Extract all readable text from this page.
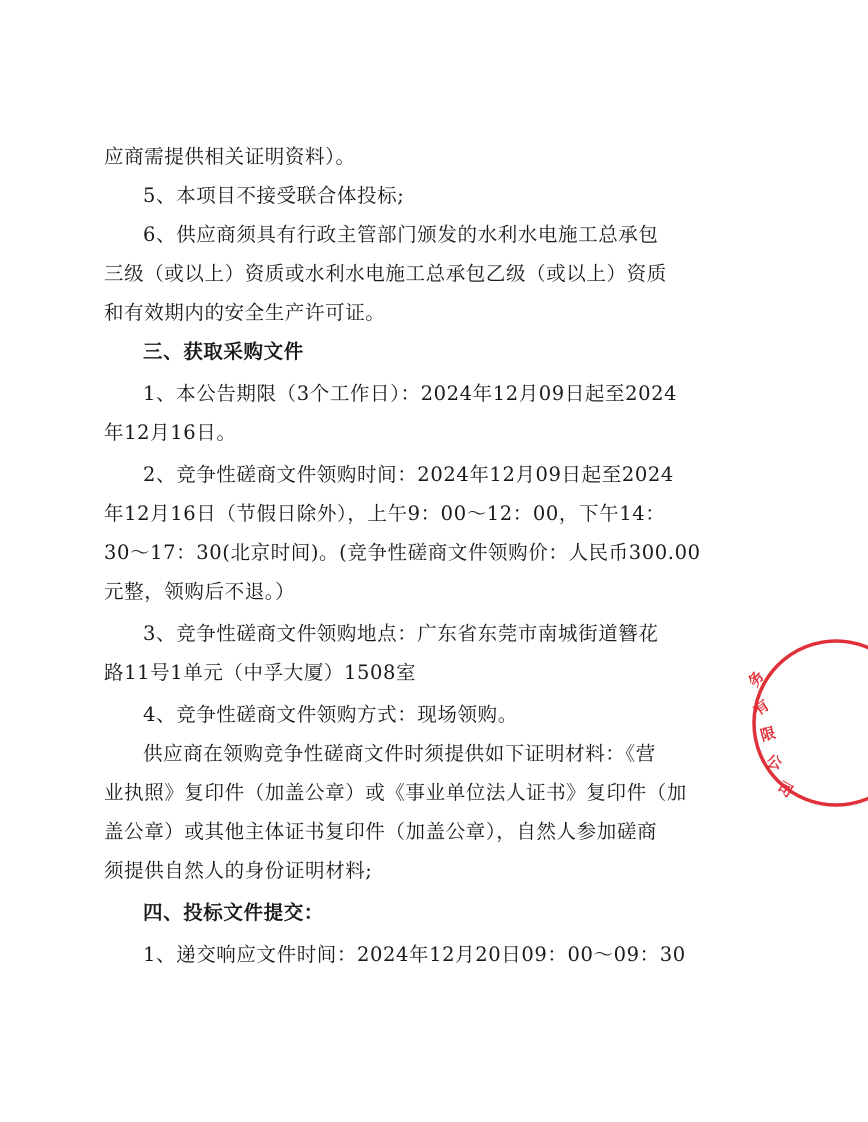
应商需提供相关证明资料）。
5、本项目不接受联合体投标;
6、供应商须具有行政主管部门颁发的水利水电施工总承包
三级（或以上）资质或水利水电施工总承包乙级（或以上）资质
和有效期内的安全生产许可证。
三、获取采购文件
1、本公告期限（3个工作日）：2024年12月09日起至2024
年12月16日。
2、竞争性磋商文件领购时间：2024年12月09日起至2024
年12月16日（节假日除外），上午9：00～12：00，下午14：
30～17：30(北京时间)。(竞争性磋商文件领购价：人民币300.00
元整，领购后不退。）
3、竞争性磋商文件领购地点：广东省东莞市南城街道簪花
路11号1单元（中孚大厦）1508室
4、竞争性磋商文件领购方式：现场领购。
供应商在领购竞争性磋商文件时须提供如下证明材料：《营
业执照》复印件（加盖公章）或《事业单位法人证书》复印件（加
盖公章）或其他主体证书复印件（加盖公章），自然人参加磋商
须提供自然人的身份证明材料;
四、投标文件提交：
1、递交响应文件时间：2024年12月20日09：00～09：30
务
有
限
公
司
